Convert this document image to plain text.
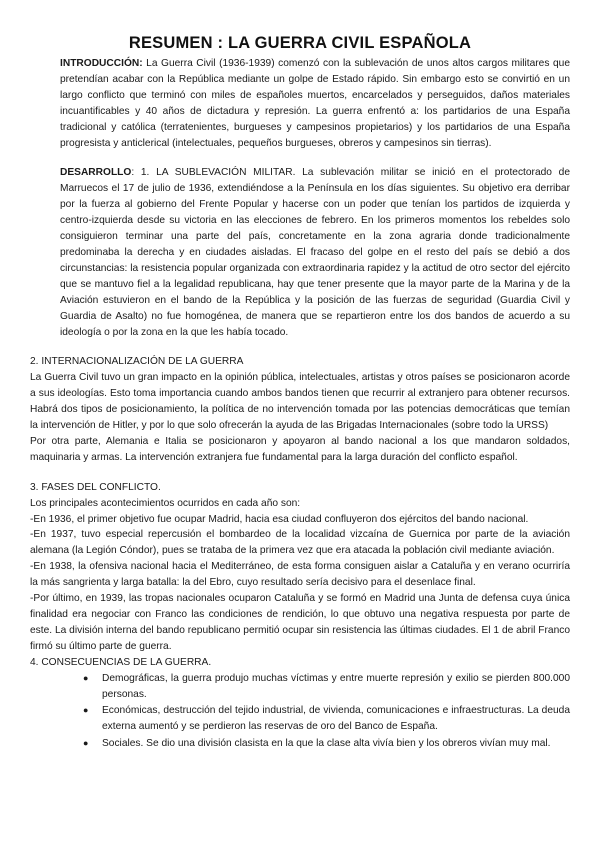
RESUMEN : LA GUERRA CIVIL ESPAÑOLA

INTRODUCCIÓN: La Guerra Civil (1936-1939) comenzó con la sublevación de unos altos cargos militares que pretendían acabar con la República mediante un golpe de Estado rápido. Sin embargo esto se convirtió en un largo conflicto que terminó con miles de españoles muertos, encarcelados y perseguidos, daños materiales incuantificables y 40 años de dictadura y represión. La guerra enfrentó a: los partidarios de una España tradicional y católica (terratenientes, burgueses y campesinos propietarios) y los partidarios de una España progresista y anticlerical (intelectuales, pequeños burgueses, obreros y campesinos sin tierras).

DESARROLLO: 1. LA SUBLEVACIÓN MILITAR. La sublevación militar se inició en el protectorado de Marruecos el 17 de julio de 1936, extendiéndose a la Península en los días siguientes. Su objetivo era derribar por la fuerza al gobierno del Frente Popular y hacerse con un poder que tenían los partidos de izquierda y centro-izquierda desde su victoria en las elecciones de febrero. En los primeros momentos los rebeldes solo consiguieron terminar una parte del país, concretamente en la zona agraria donde tradicionalmente predominaba la derecha y en ciudades aisladas. El fracaso del golpe en el resto del país se debió a dos circunstancias: la resistencia popular organizada con extraordinaria rapidez y la actitud de otro sector del ejército que se mantuvo fiel a la legalidad republicana, hay que tener presente que la mayor parte de la Marina y de la Aviación estuvieron en el bando de la República y la posición de las fuerzas de seguridad (Guardia Civil y Guardia de Asalto) no fue homogénea, de manera que se repartieron entre los dos bandos de acuerdo a su ideología o por la zona en la que les había tocado.

2. INTERNACIONALIZACIÓN DE LA GUERRA

La Guerra Civil tuvo un gran impacto en la opinión pública, intelectuales, artistas y otros países se posicionaron acorde a sus ideologías. Esto toma importancia cuando ambos bandos tienen que recurrir al extranjero para obtener recursos. Habrá dos tipos de posicionamiento, la política de no intervención tomada por las potencias democráticas que temían la intervención de Hitler, y por lo que solo ofrecerán la ayuda de las Brigadas Internacionales (sobre todo la URSS)

Por otra parte, Alemania e Italia se posicionaron y apoyaron al bando nacional a los que mandaron soldados, maquinaria y armas. La intervención extranjera fue fundamental para la larga duración del conflicto español.

3. FASES DEL CONFLICTO.

Los principales acontecimientos ocurridos en cada año son:

-En 1936, el primer objetivo fue ocupar Madrid, hacia esa ciudad confluyeron dos ejércitos del bando nacional.

-En 1937, tuvo especial repercusión el bombardeo de la localidad vizcaína de Guernica por parte de la aviación alemana (la Legión Cóndor), pues se trataba de la primera vez que era atacada la población civil mediante aviación.

-En 1938, la ofensiva nacional hacia el Mediterráneo, de esta forma consiguen aislar a Cataluña y en verano ocurriría la más sangrienta y larga batalla: la del Ebro, cuyo resultado sería decisivo para el desenlace final.

-Por último, en 1939, las tropas nacionales ocuparon Cataluña y se formó en Madrid una Junta de defensa cuya única finalidad era negociar con Franco las condiciones de rendición, lo que obtuvo una negativa respuesta por parte de este. La división interna del bando republicano permitió ocupar sin resistencia las últimas ciudades. El 1 de abril Franco firmó su último parte de guerra.

4. CONSECUENCIAS DE LA GUERRA.

● Demográficas, la guerra produjo muchas víctimas y entre muerte represión y exilio se pierden 800.000 personas.
● Económicas, destrucción del tejido industrial, de vivienda, comunicaciones e infraestructuras. La deuda externa aumentó y se perdieron las reservas de oro del Banco de España.
● Sociales. Se dio una división clasista en la que la clase alta vivía bien y los obreros vivían muy mal.
